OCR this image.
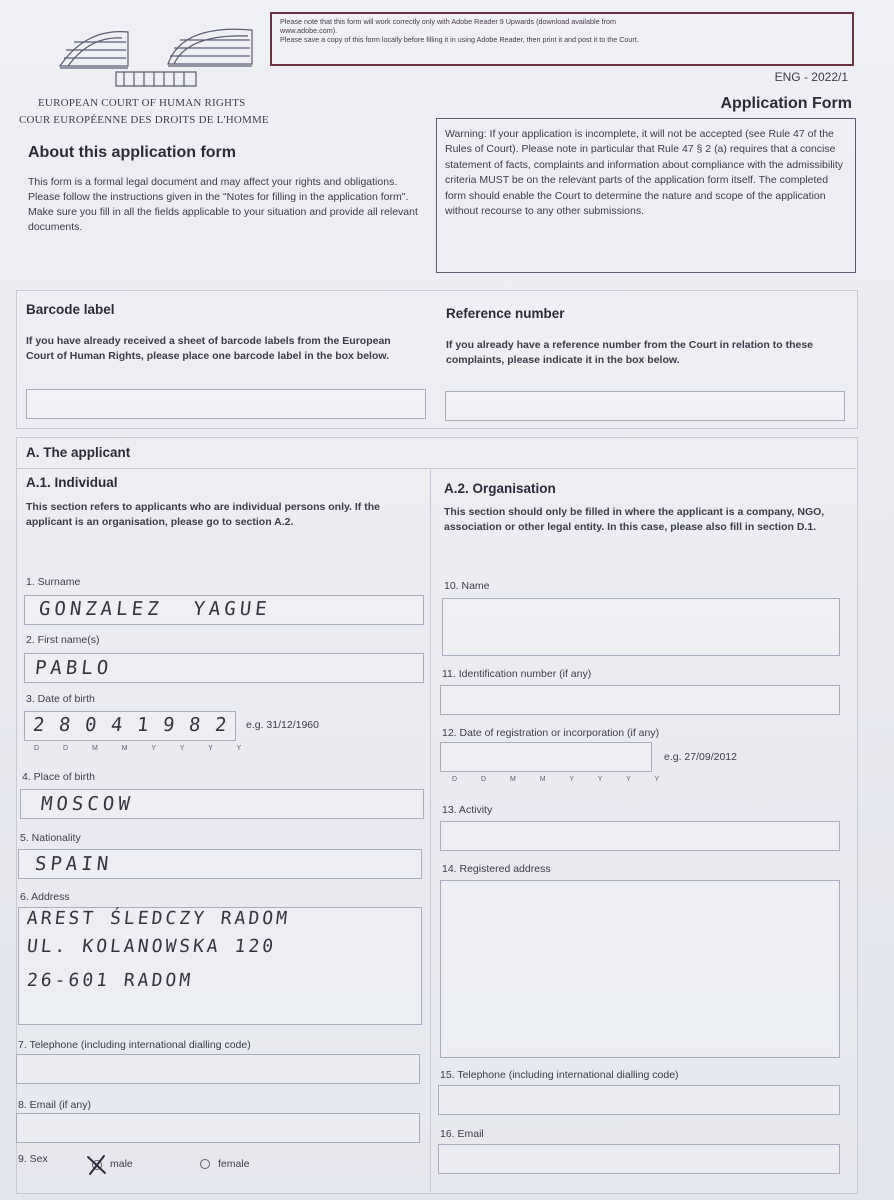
EUROPEAN COURT OF HUMAN RIGHTS
COUR EUROPÉENNE DES DROITS DE L'HOMME
Please note that this form will work correctly only with Adobe Reader 9 Upwards (download available from
www.adobe.com).
Please save a copy of this form locally before filling it in using Adobe Reader, then print it and post it to the Court.
ENG - 2022/1
Application Form
About this application form
This form is a formal legal document and may affect your rights and obligations. Please follow the instructions given in the "Notes for filling in the application form". Make sure you fill in all the fields applicable to your situation and provide all relevant documents.
Warning: If your application is incomplete, it will not be accepted (see Rule 47 of the Rules of Court). Please note in particular that Rule 47 § 2 (a) requires that a concise statement of facts, complaints and information about compliance with the admissibility criteria MUST be on the relevant parts of the application form itself. The completed form should enable the Court to determine the nature and scope of the application without recourse to any other submissions.
Barcode label
If you have already received a sheet of barcode labels from the European Court of Human Rights, please place one barcode label in the box below.
Reference number
If you already have a reference number from the Court in relation to these complaints, please indicate it in the box below.
A. The applicant
A.1. Individual
This section refers to applicants who are individual persons only. If the applicant is an organisation, please go to section A.2.
1. Surname
GONZALEZ  YAGUE
2. First name(s)
PABLO
3. Date of birth
2 8 0 4 1 9 8 2	e.g. 31/12/1960
D D M M Y Y Y Y
4. Place of birth
MOSCOW
5. Nationality
SPAIN
6. Address
AREST ŚLEDCZY RADOM
UL. KOLANOWSKA 120
26-601 RADOM
7. Telephone (including international dialling code)
8. Email (if any)
9. Sex	male	female
A.2. Organisation
This section should only be filled in where the applicant is a company, NGO, association or other legal entity. In this case, please also fill in section D.1.
10. Name
11. Identification number (if any)
12. Date of registration or incorporation (if any)
e.g. 27/09/2012
D D M M Y Y Y Y
13. Activity
14. Registered address
15. Telephone (including international dialling code)
16. Email
